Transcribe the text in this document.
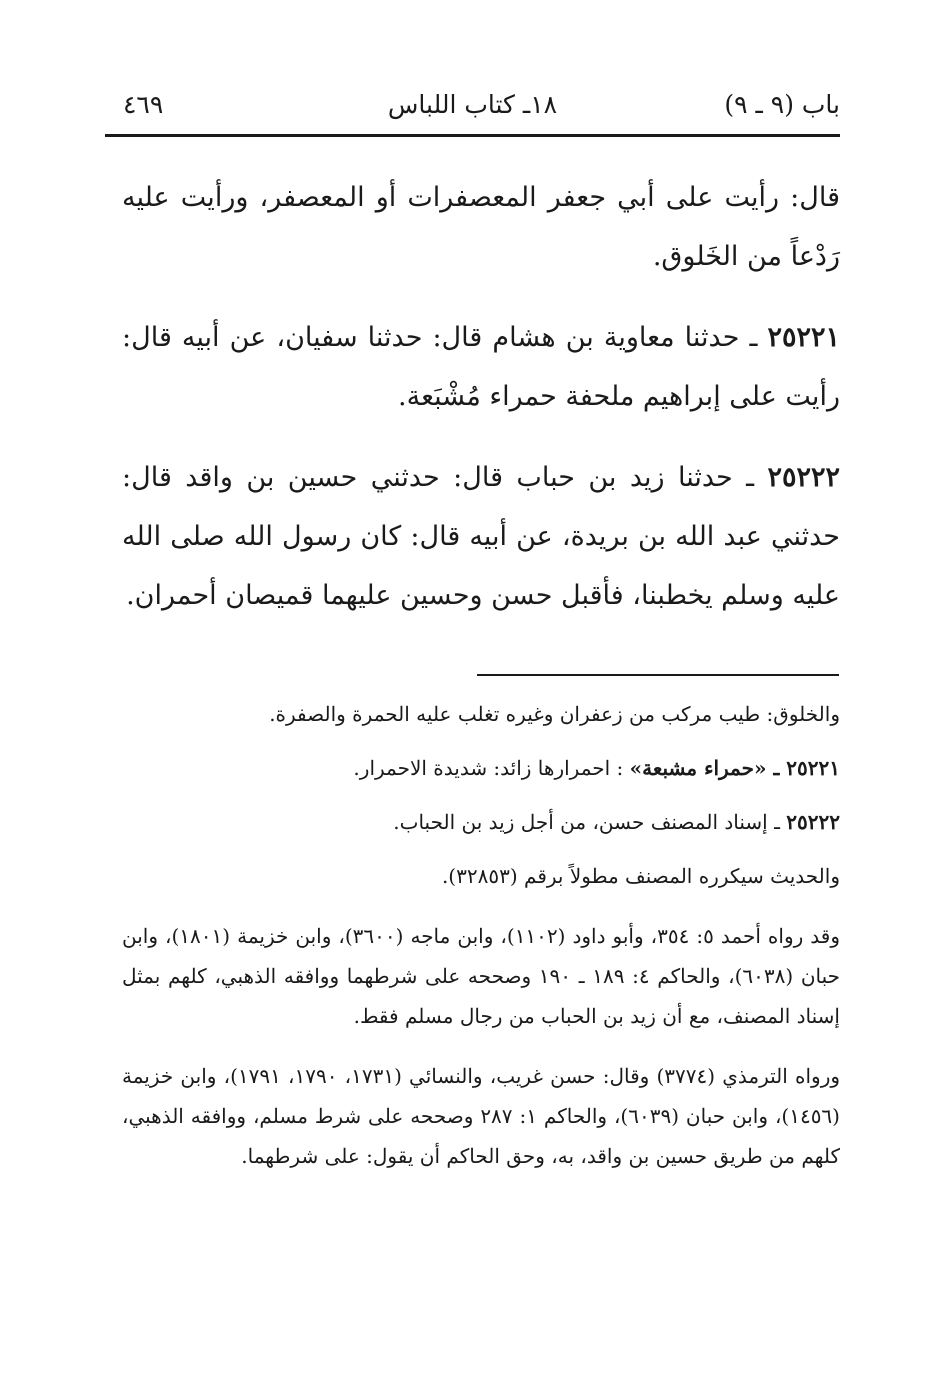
باب (٩ ـ ٩)
١٨ـ كتاب اللباس
٤٦٩

قال: رأيت على أبي جعفر المعصفرات أو المعصفر، ورأيت عليه رَدْعاً من الخَلوق.

٢٥٢٢١ ـ حدثنا معاوية بن هشام قال: حدثنا سفيان، عن أبيه قال: رأيت على إبراهيم ملحفة حمراء مُشْبَعة.

٢٥٢٢٢ ـ حدثنا زيد بن حباب قال: حدثني حسين بن واقد قال: حدثني عبد الله بن بريدة، عن أبيه قال: كان رسول الله صلى الله عليه وسلم يخطبنا، فأقبل حسن وحسين عليهما قميصان أحمران.

والخلوق: طيب مركب من زعفران وغيره تغلب عليه الحمرة والصفرة.

٢٥٢٢١ ـ «حمراء مشبعة» : احمرارها زائد: شديدة الاحمرار.

٢٥٢٢٢ ـ إسناد المصنف حسن، من أجل زيد بن الحباب.

والحديث سيكرره المصنف مطولاً برقم (٣٢٨٥٣).

وقد رواه أحمد ٥: ٣٥٤، وأبو داود (١١٠٢)، وابن ماجه (٣٦٠٠)، وابن خزيمة (١٨٠١)، وابن حبان (٦٠٣٨)، والحاكم ٤: ١٨٩ ـ ١٩٠ وصححه على شرطهما ووافقه الذهبي، كلهم بمثل إسناد المصنف، مع أن زيد بن الحباب من رجال مسلم فقط.

ورواه الترمذي (٣٧٧٤) وقال: حسن غريب، والنسائي (١٧٣١، ١٧٩٠، ١٧٩١)، وابن خزيمة (١٤٥٦)، وابن حبان (٦٠٣٩)، والحاكم ١: ٢٨٧ وصححه على شرط مسلم، ووافقه الذهبي، كلهم من طريق حسين بن واقد، به، وحق الحاكم أن يقول: على شرطهما.
